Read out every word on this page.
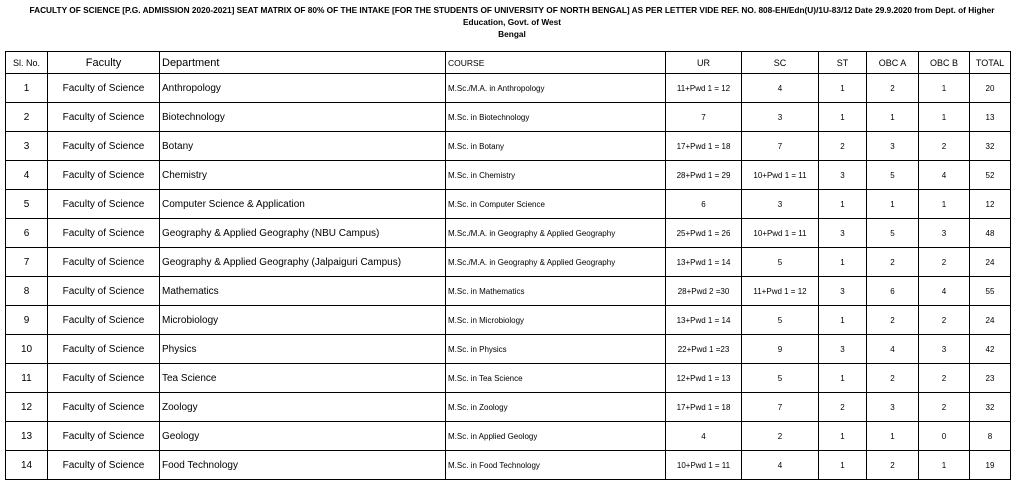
FACULTY OF SCIENCE [P.G. ADMISSION 2020-2021] SEAT MATRIX OF 80% OF THE INTAKE [FOR THE STUDENTS OF UNIVERSITY OF NORTH BENGAL] AS PER LETTER VIDE REF. NO. 808-EH/Edn(U)/1U-83/12 Date 29.9.2020 from Dept. of Higher Education, Govt. of West
Bengal
Sl. No.	Faculty	Department	COURSE	UR	SC	ST	OBC A	OBC B	TOTAL
1	Faculty of Science	Anthropology	M.Sc./M.A. in Anthropology	11+Pwd 1 = 12	4	1	2	1	20
2	Faculty of Science	Biotechnology	M.Sc. in Biotechnology	7	3	1	1	1	13
3	Faculty of Science	Botany	M.Sc. in Botany	17+Pwd 1 = 18	7	2	3	2	32
4	Faculty of Science	Chemistry	M.Sc. in Chemistry	28+Pwd 1 = 29	10+Pwd 1 = 11	3	5	4	52
5	Faculty of Science	Computer Science & Application	M.Sc. in Computer Science	6	3	1	1	1	12
6	Faculty of Science	Geography & Applied Geography (NBU Campus)	M.Sc./M.A. in Geography & Applied Geography	25+Pwd 1 = 26	10+Pwd 1 = 11	3	5	3	48
7	Faculty of Science	Geography & Applied Geography (Jalpaiguri Campus)	M.Sc./M.A. in Geography & Applied Geography	13+Pwd 1 = 14	5	1	2	2	24
8	Faculty of Science	Mathematics	M.Sc. in Mathematics	28+Pwd 2 =30	11+Pwd 1 = 12	3	6	4	55
9	Faculty of Science	Microbiology	M.Sc. in Microbiology	13+Pwd 1 = 14	5	1	2	2	24
10	Faculty of Science	Physics	M.Sc. in Physics	22+Pwd 1 =23	9	3	4	3	42
11	Faculty of Science	Tea Science	M.Sc. in Tea Science	12+Pwd 1 = 13	5	1	2	2	23
12	Faculty of Science	Zoology	M.Sc. in Zoology	17+Pwd 1 = 18	7	2	3	2	32
13	Faculty of Science	Geology	M.Sc. in Applied Geology	4	2	1	1	0	8
14	Faculty of Science	Food Technology	M.Sc. in Food Technology	10+Pwd 1 = 11	4	1	2	1	19
